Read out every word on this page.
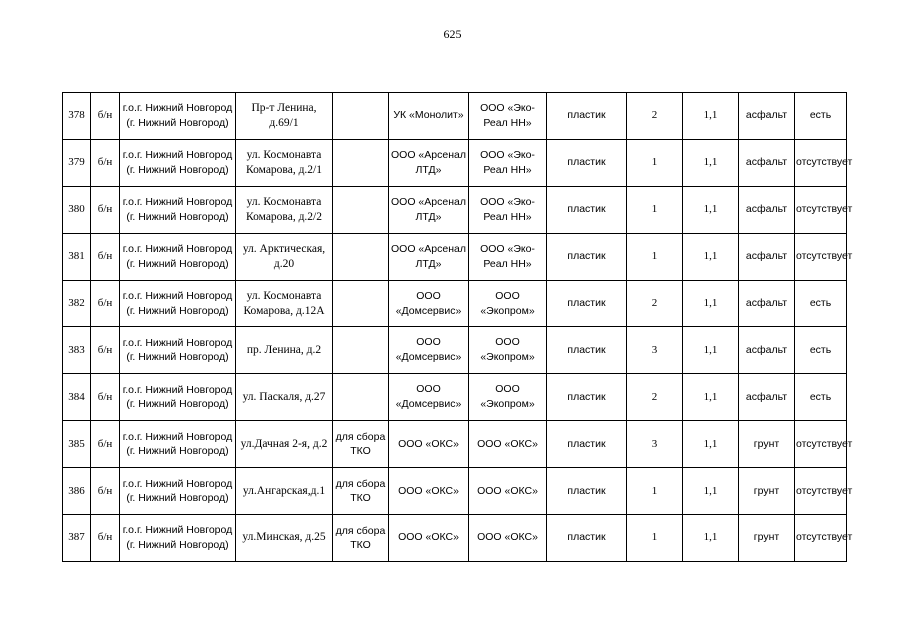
625
378	б/н	г.о.г. Нижний Новгород (г. Нижний Новгород)	Пр-т Ленина, д.69/1		УК «Монолит»	ООО «Эко-Реал НН»	пластик	2	1,1	асфальт	есть
379	б/н	г.о.г. Нижний Новгород (г. Нижний Новгород)	ул. Космонавта Комарова, д.2/1		ООО «Арсенал ЛТД»	ООО «Эко-Реал НН»	пластик	1	1,1	асфальт	отсутствует
380	б/н	г.о.г. Нижний Новгород (г. Нижний Новгород)	ул. Космонавта Комарова, д.2/2		ООО «Арсенал ЛТД»	ООО «Эко-Реал НН»	пластик	1	1,1	асфальт	отсутствует
381	б/н	г.о.г. Нижний Новгород (г. Нижний Новгород)	ул. Арктическая, д.20		ООО «Арсенал ЛТД»	ООО «Эко-Реал НН»	пластик	1	1,1	асфальт	отсутствует
382	б/н	г.о.г. Нижний Новгород (г. Нижний Новгород)	ул. Космонавта Комарова, д.12А		ООО «Домсервис»	ООО «Экопром»	пластик	2	1,1	асфальт	есть
383	б/н	г.о.г. Нижний Новгород (г. Нижний Новгород)	пр. Ленина, д.2		ООО «Домсервис»	ООО «Экопром»	пластик	3	1,1	асфальт	есть
384	б/н	г.о.г. Нижний Новгород (г. Нижний Новгород)	ул. Паскаля, д.27		ООО «Домсервис»	ООО «Экопром»	пластик	2	1,1	асфальт	есть
385	б/н	г.о.г. Нижний Новгород (г. Нижний Новгород)	ул.Дачная 2-я, д.2	для сбора ТКО	ООО «ОКС»	ООО «ОКС»	пластик	3	1,1	грунт	отсутствует
386	б/н	г.о.г. Нижний Новгород (г. Нижний Новгород)	ул.Ангарская,д.1	для сбора ТКО	ООО «ОКС»	ООО «ОКС»	пластик	1	1,1	грунт	отсутствует
387	б/н	г.о.г. Нижний Новгород (г. Нижний Новгород)	ул.Минская, д.25	для сбора ТКО	ООО «ОКС»	ООО «ОКС»	пластик	1	1,1	грунт	отсутствует
